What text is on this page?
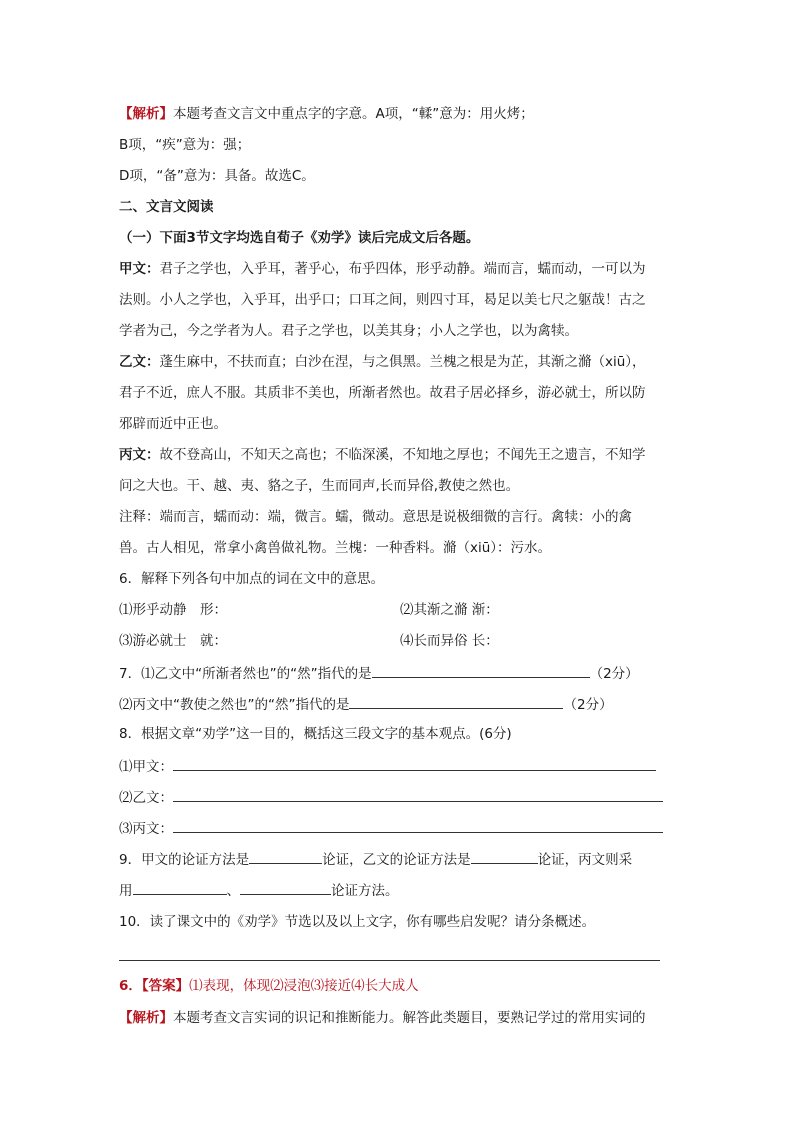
【解析】本题考查文言文中重点字的字意。A项，“輮”意为：用火烤；
B项，“疾”意为：强；
D项，“备”意为：具备。故选C。
二、文言文阅读
（一）下面3节文字均选自荀子《劝学》读后完成文后各题。
甲文：君子之学也，入乎耳，著乎心，布乎四体，形乎动静。端而言，蠕而动，一可以为
法则。小人之学也，入乎耳，出乎口；口耳之间，则四寸耳，曷足以美七尺之躯哉！古之
学者为己，今之学者为人。君子之学也，以美其身；小人之学也，以为禽犊。
乙文：蓬生麻中，不扶而直；白沙在涅，与之俱黑。兰槐之根是为芷，其渐之滫（xiū），
君子不近，庶人不服。其质非不美也，所渐者然也。故君子居必择乡，游必就士，所以防
邪辟而近中正也。
丙文：故不登高山，不知天之高也；不临深溪，不知地之厚也；不闻先王之遗言，不知学
问之大也。干、越、夷、貉之子，生而同声,长而异俗,教使之然也。
注释：端而言，蠕而动：端，微言。蠕，微动。意思是说极细微的言行。禽犊：小的禽
兽。古人相见，常拿小禽兽做礼物。兰槐：一种香料。滫（xiū）：污水。
6．解释下列各句中加点的词在文中的意思。
⑴形乎动静　形：	⑵其渐之滫 渐：
⑶游必就士　就：	⑷长而异俗 长：
7．⑴乙文中“所渐者然也”的“然”指代的是	（2分）
⑵丙文中“教使之然也”的“然”指代的是	（2分）
8．根据文章“劝学”这一目的，概括这三段文字的基本观点。(6分)
⑴甲文：
⑵乙文：
⑶丙文：
9．甲文的论证方法是	论证，乙文的论证方法是	论证，丙文则采
用	、	论证方法。
10．读了课文中的《劝学》节选以及以上文字，你有哪些启发呢？请分条概述。
6．【答案】⑴表现，体现⑵浸泡⑶接近⑷长大成人
【解析】本题考查文言实词的识记和推断能力。解答此类题目，要熟记学过的常用实词的
